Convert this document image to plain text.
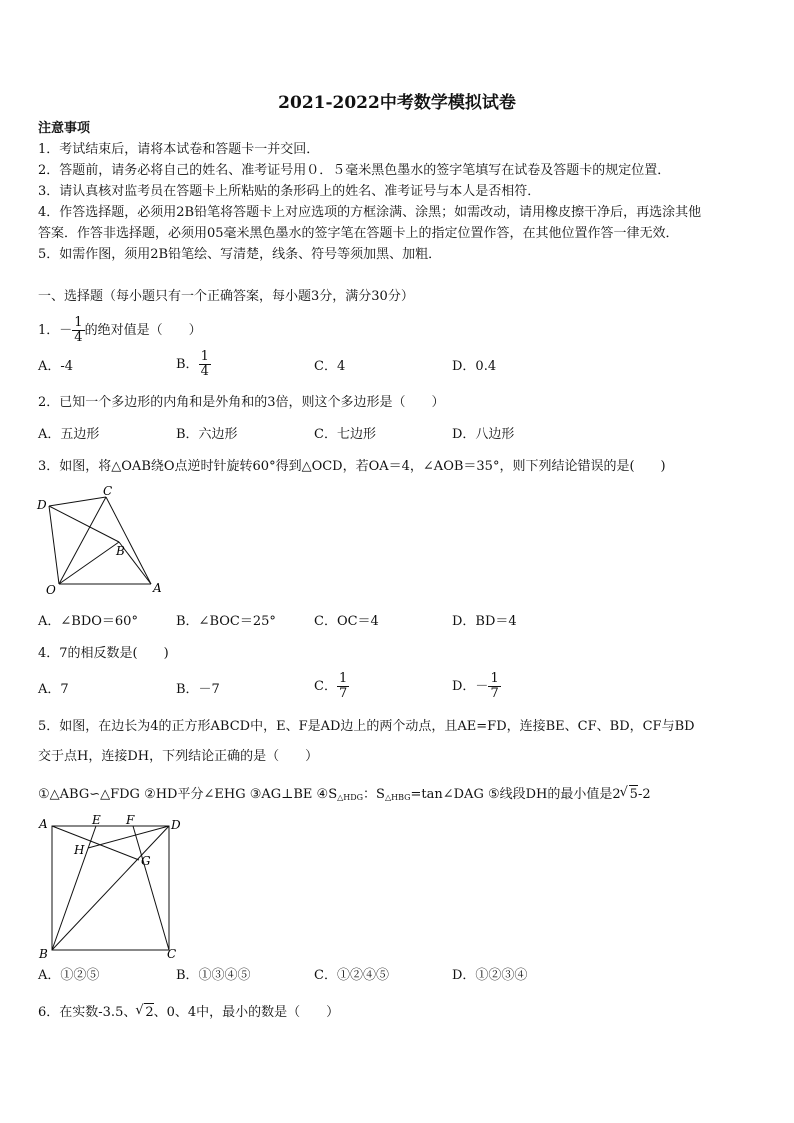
2021-2022中考数学模拟试卷
注意事项
1．考试结束后，请将本试卷和答题卡一并交回．
2．答题前，请务必将自己的姓名、准考证号用０．５毫米黑色墨水的签字笔填写在试卷及答题卡的规定位置．
3．请认真核对监考员在答题卡上所粘贴的条形码上的姓名、准考证号与本人是否相符．
4．作答选择题，必须用2B铅笔将答题卡上对应选项的方框涂满、涂黑；如需改动，请用橡皮擦干净后，再选涂其他
答案．作答非选择题，必须用05毫米黑色墨水的签字笔在答题卡上的指定位置作答，在其他位置作答一律无效．
5．如需作图，须用2B铅笔绘、写清楚，线条、符号等须加黑、加粗．
一、选择题（每小题只有一个正确答案，每小题3分，满分30分）
1．－ $\frac{1}{4}$ 的绝对值是（　　）
A．-4	B． $\frac{1}{4}$	C．4	D．0.4
2．已知一个多边形的内角和是外角和的3倍，则这个多边形是（　　）
A．五边形	B．六边形	C．七边形	D．八边形
3．如图，将△OAB绕O点逆时针旋转60°得到△OCD，若OA＝4，∠AOB＝35°，则下列结论错误的是(　　)
D
C
B
O	A
A．∠BDO＝60°	B．∠BOC＝25°	C．OC＝4	D．BD＝4
4．7的相反数是(　　)
A．7	B．－7	C． $\frac{1}{7}$	D．－ $\frac{1}{7}$
5．如图，在边长为4的正方形ABCD中，E、F是AD边上的两个动点，且AE=FD，连接BE、CF、BD，CF与BD
交于点H，连接DH，下列结论正确的是（　　）
①△ABG∽△FDG ②HD平分∠EHG ③AG⊥BE $④S_{\triangle HDG}$：$S_{\triangle HBG}=\tan\angle DAG$ ⑤线段DH的最小值是2 √ 5-2
A	E F	D
H
G
B	C
A．①②⑤	B．①③④⑤	C．①②④⑤	D．①②③④
6．在实数-3.5、 √ 2、0、4中，最小的数是（　　）
